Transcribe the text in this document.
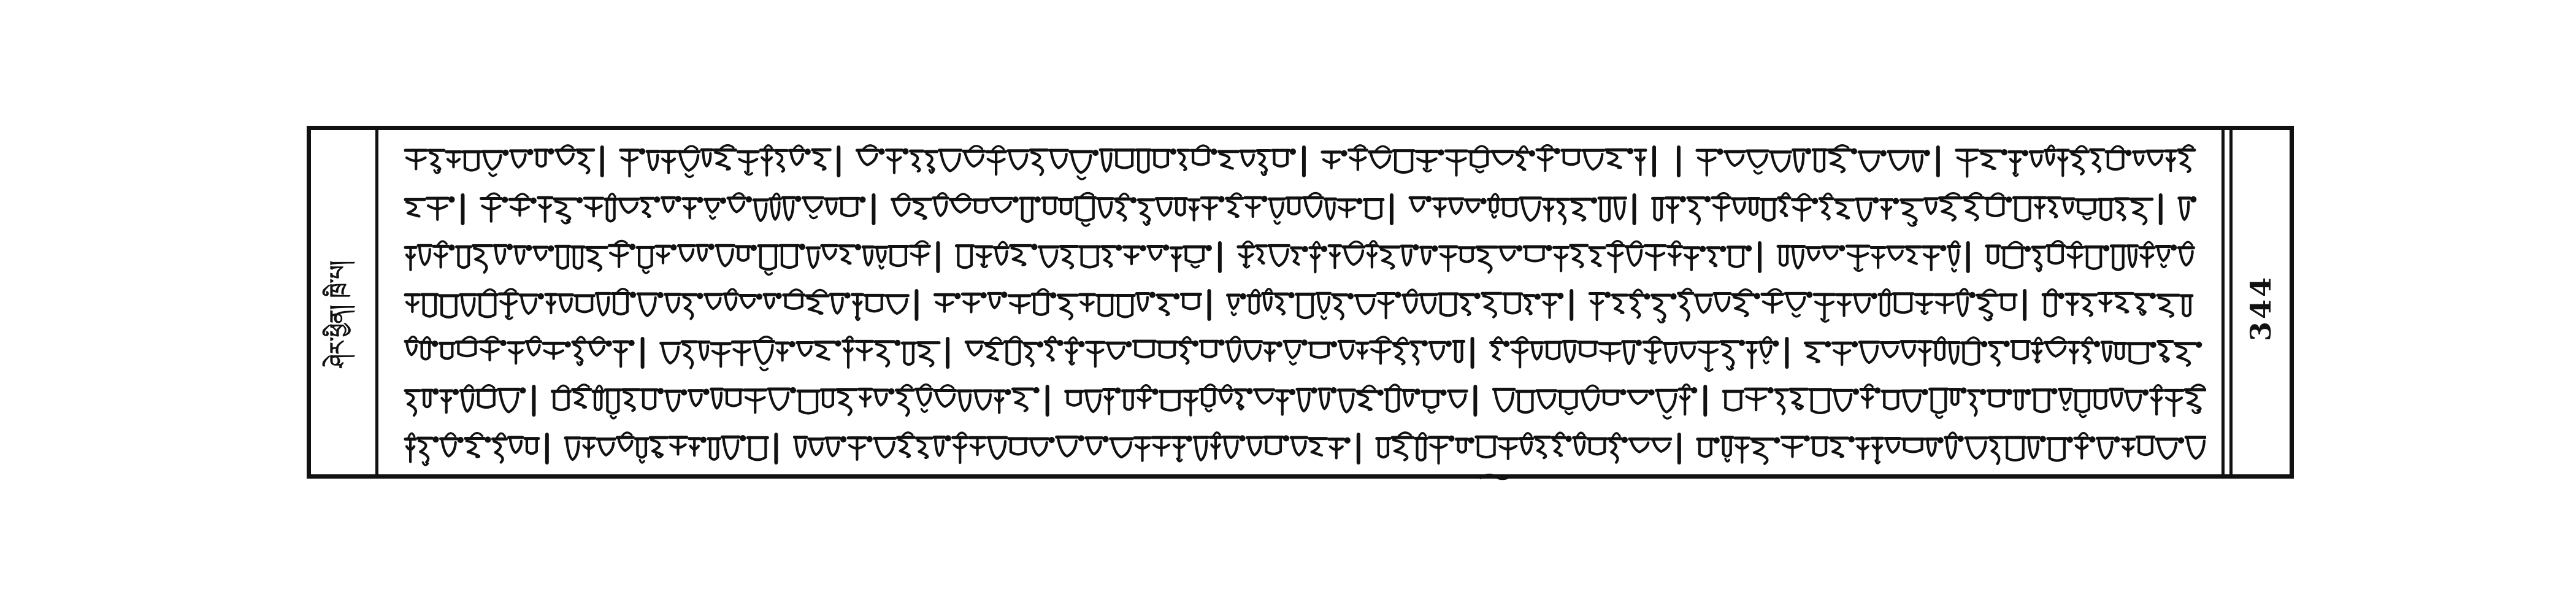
ཤེར་ཕྱིན། ཁྲི་པ།	344
